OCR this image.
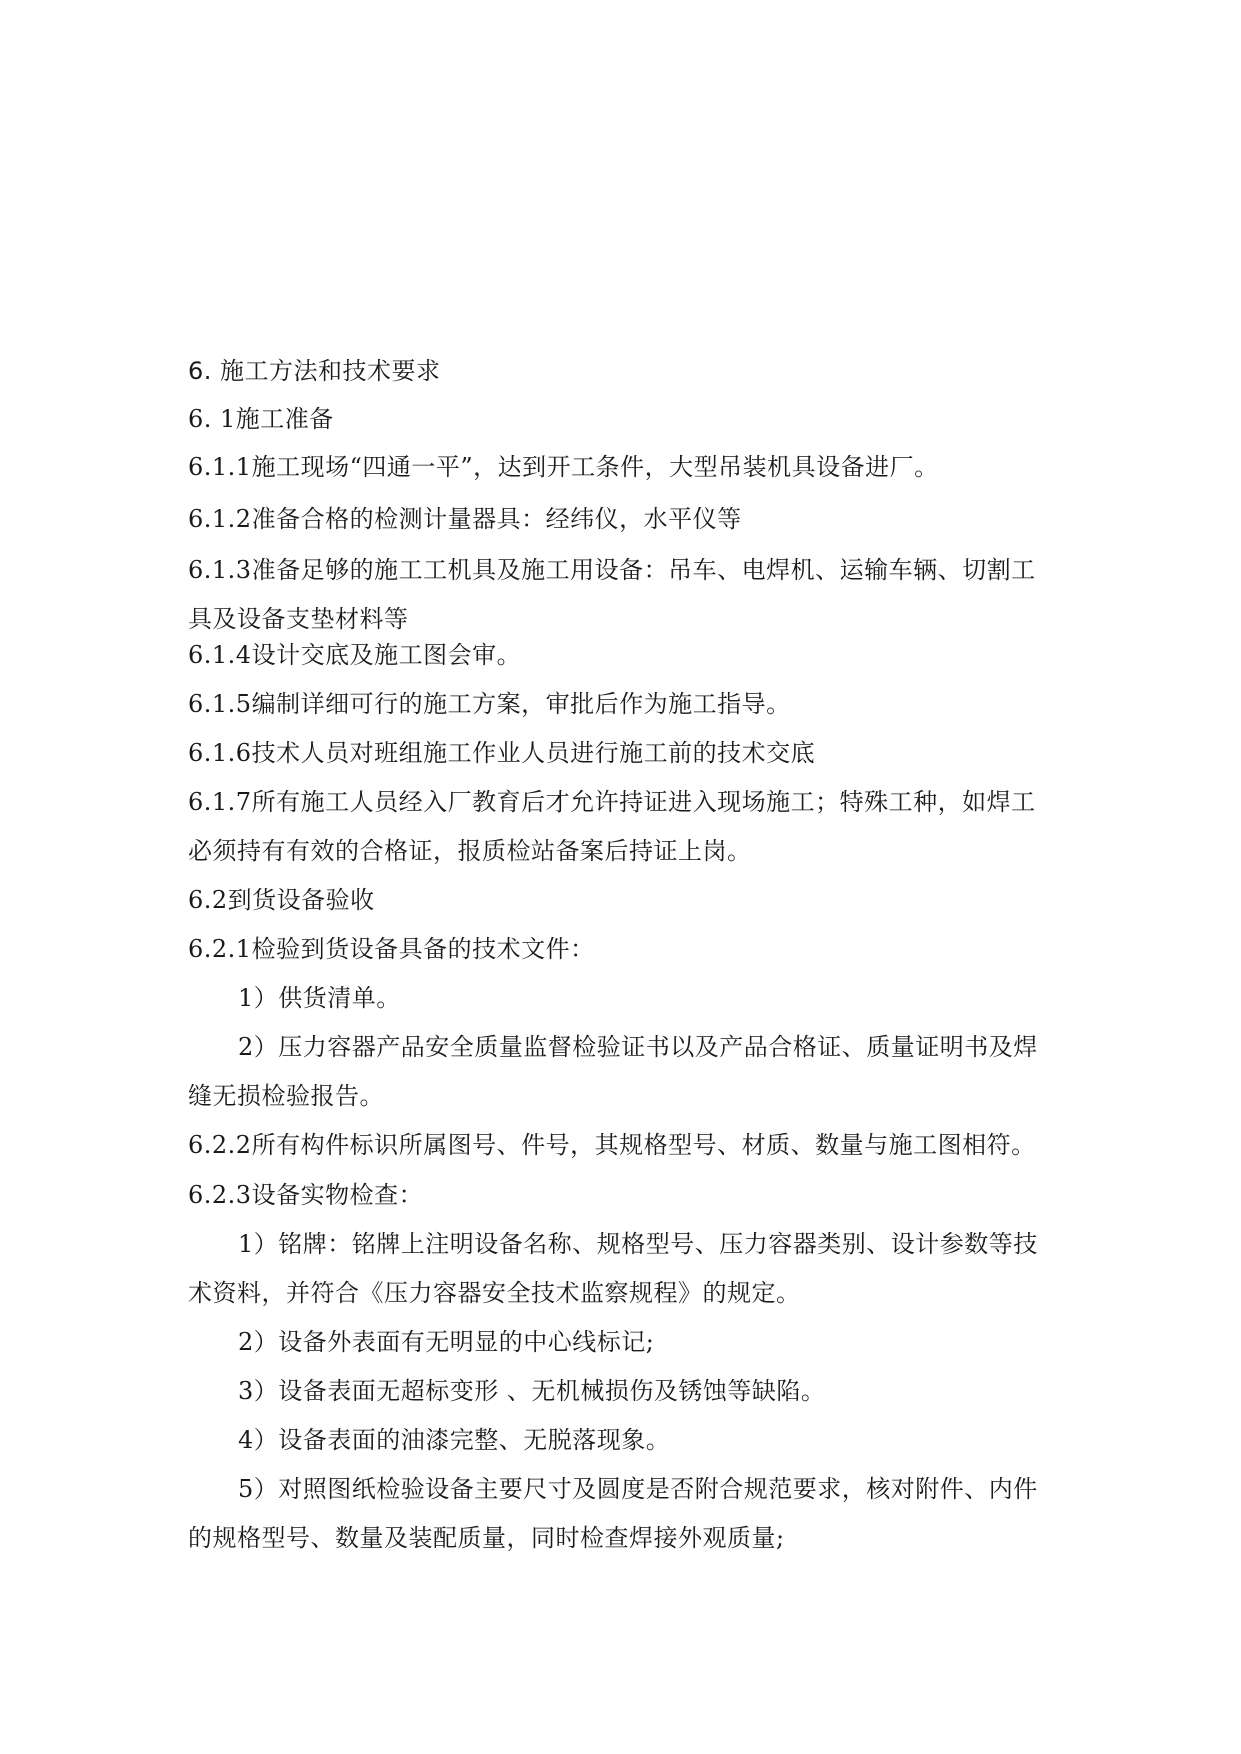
6. 施工方法和技术要求
6. 1施工准备
6.1.1施工现场“四通一平”，达到开工条件，大型吊装机具设备进厂。
6.1.2准备合格的检测计量器具：经纬仪，水平仪等
6.1.3准备足够的施工工机具及施工用设备：吊车、电焊机、运输车辆、切割工
具及设备支垫材料等
6.1.4设计交底及施工图会审。
6.1.5编制详细可行的施工方案，审批后作为施工指导。
6.1.6技术人员对班组施工作业人员进行施工前的技术交底
6.1.7所有施工人员经入厂教育后才允许持证进入现场施工；特殊工种，如焊工
必须持有有效的合格证，报质检站备案后持证上岗。
6.2到货设备验收
6.2.1检验到货设备具备的技术文件：
1）供货清单。
2）压力容器产品安全质量监督检验证书以及产品合格证、质量证明书及焊
缝无损检验报告。
6.2.2所有构件标识所属图号、件号，其规格型号、材质、数量与施工图相符。
6.2.3设备实物检查：
1）铭牌：铭牌上注明设备名称、规格型号、压力容器类别、设计参数等技
术资料，并符合《压力容器安全技术监察规程》的规定。
2）设备外表面有无明显的中心线标记;
3）设备表面无超标变形 、无机械损伤及锈蚀等缺陷。
4）设备表面的油漆完整、无脱落现象。
5）对照图纸检验设备主要尺寸及圆度是否附合规范要求，核对附件、内件
的规格型号、数量及装配质量，同时检查焊接外观质量;
